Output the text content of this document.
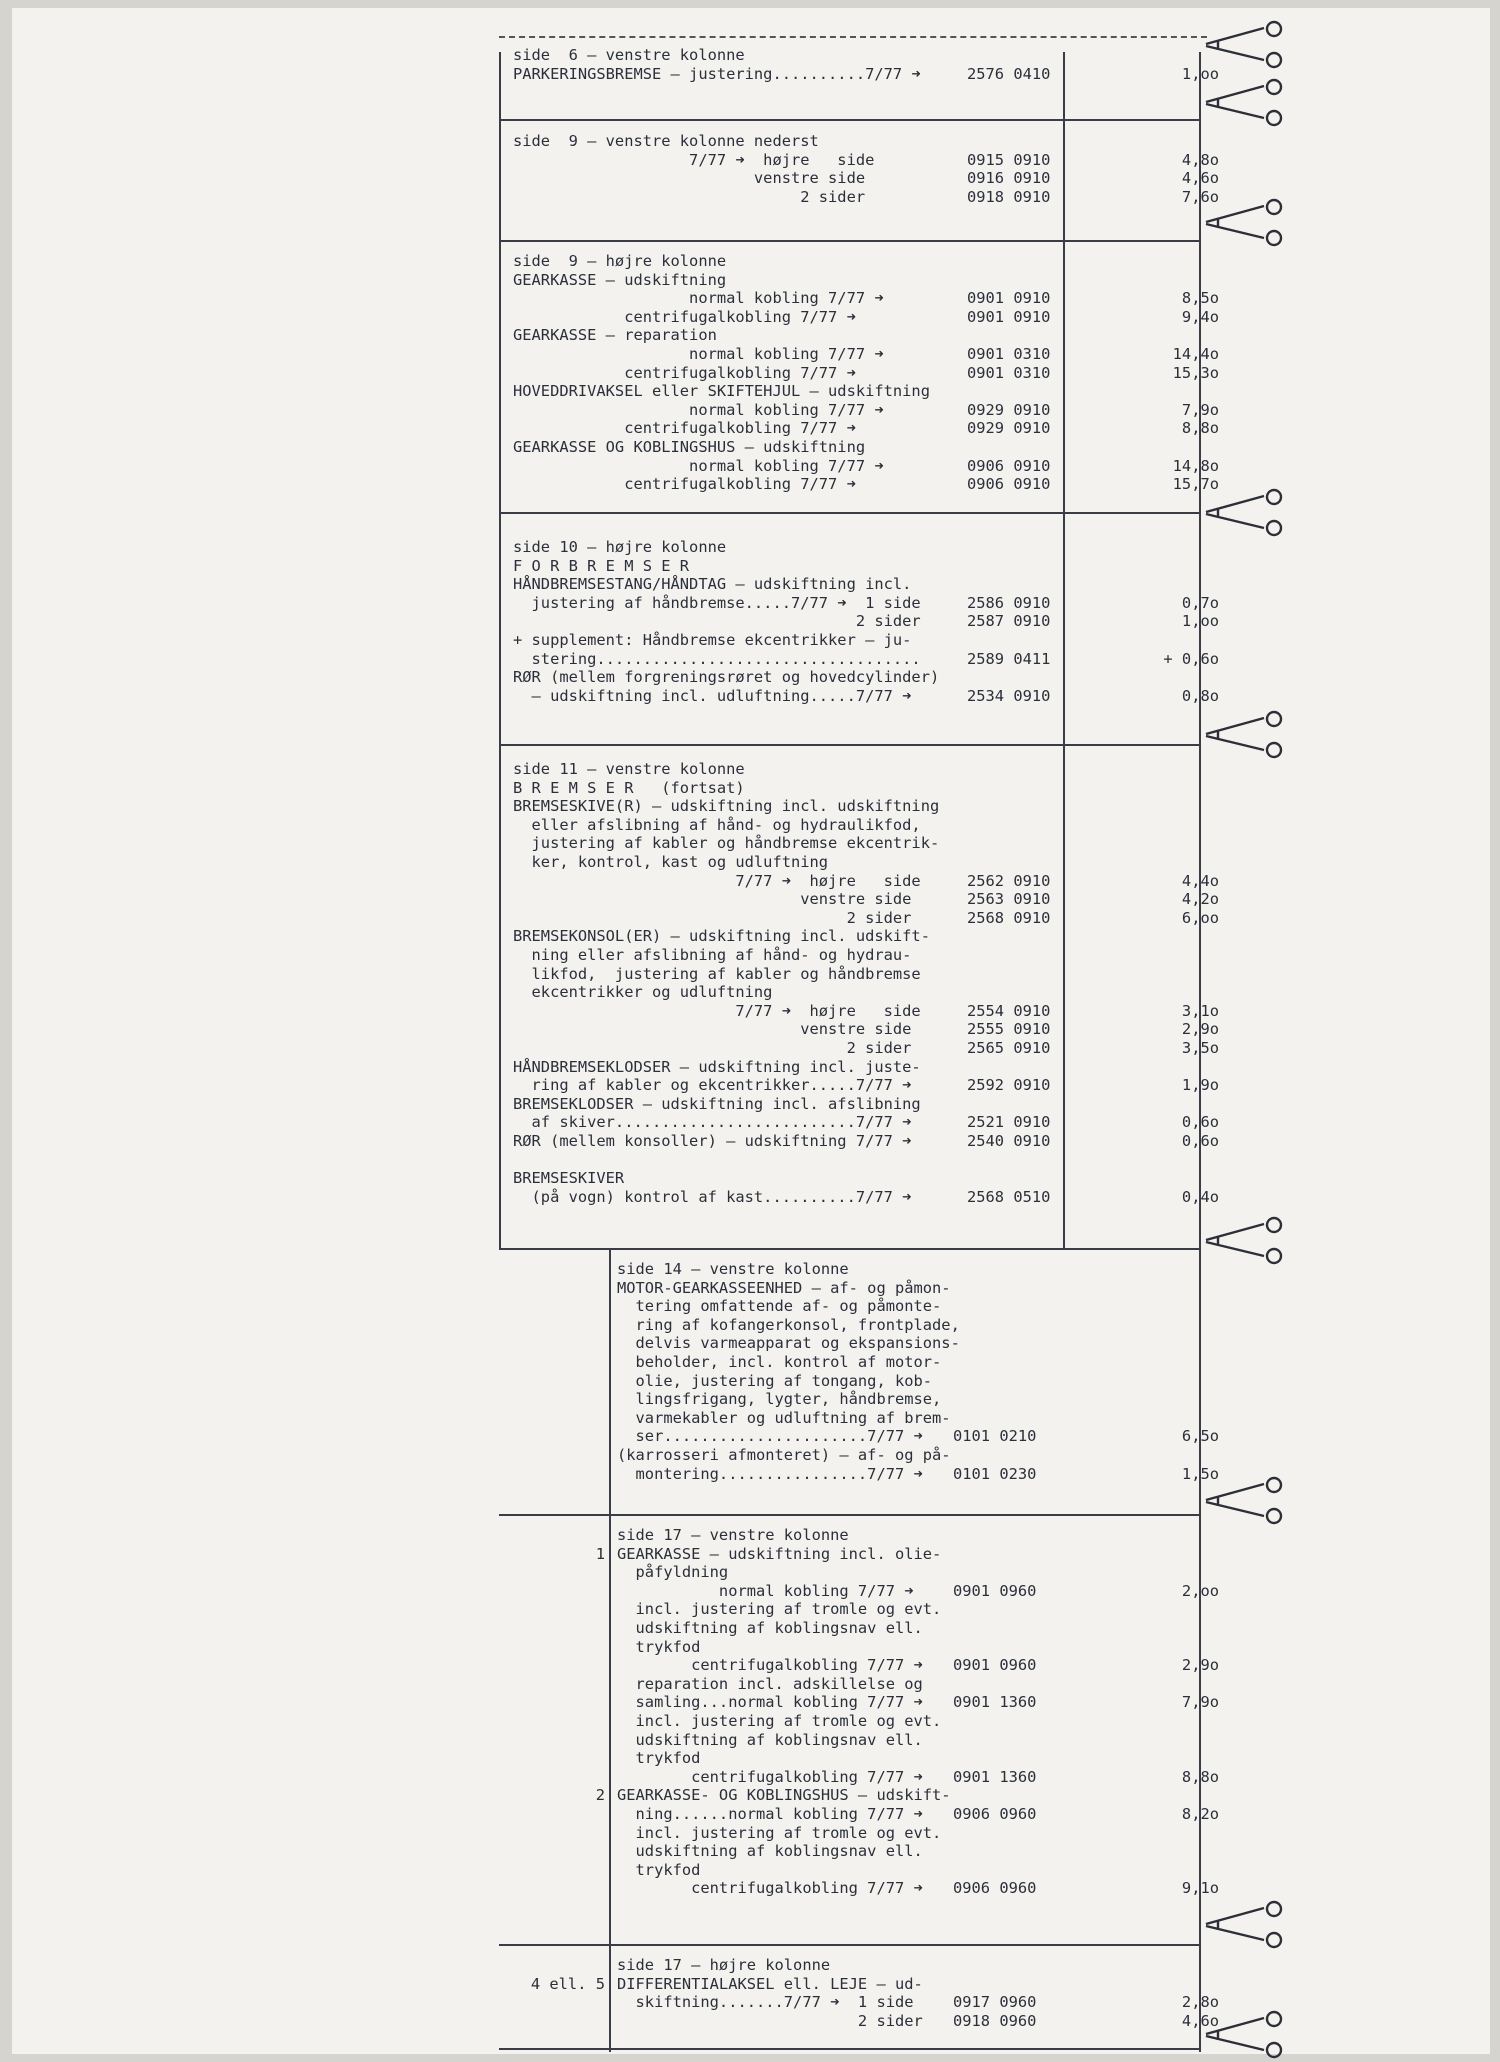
side  6 – venstre kolonne
PARKERINGSBREMSE – justering..........7/77 ➜	2576 0410	1,oo
side  9 – venstre kolonne nederst
7/77 ➜  højre   side	0915 0910	4,8o
venstre side	0916 0910	4,6o
2 sider	0918 0910	7,6o
side  9 – højre kolonne
GEARKASSE – udskiftning
normal kobling 7/77 ➜	0901 0910	8,5o
centrifugalkobling 7/77 ➜	0901 0910	9,4o
GEARKASSE – reparation
normal kobling 7/77 ➜	0901 0310	14,4o
centrifugalkobling 7/77 ➜	0901 0310	15,3o
HOVEDDRIVAKSEL eller SKIFTEHJUL – udskiftning
normal kobling 7/77 ➜	0929 0910	7,9o
centrifugalkobling 7/77 ➜	0929 0910	8,8o
GEARKASSE OG KOBLINGSHUS – udskiftning
normal kobling 7/77 ➜	0906 0910	14,8o
centrifugalkobling 7/77 ➜	0906 0910	15,7o
side 10 – højre kolonne
F O R B R E M S E R
HÅNDBREMSESTANG/HÅNDTAG – udskiftning incl.
justering af håndbremse.....7/77 ➜  1 side	2586 0910	0,7o
2 sider	2587 0910	1,oo
+ supplement: Håndbremse ekcentrikker – ju-
stering...................................	2589 0411	+ 0,6o
RØR (mellem forgreningsrøret og hovedcylinder)
– udskiftning incl. udluftning.....7/77 ➜	2534 0910	0,8o
side 11 – venstre kolonne
B R E M S E R   (fortsat)
BREMSESKIVE(R) – udskiftning incl. udskiftning
eller afslibning af hånd- og hydraulikfod,
justering af kabler og håndbremse ekcentrik-
ker, kontrol, kast og udluftning
7/77 ➜  højre   side	2562 0910	4,4o
venstre side	2563 0910	4,2o
2 sider	2568 0910	6,oo
BREMSEKONSOL(ER) – udskiftning incl. udskift-
ning eller afslibning af hånd- og hydrau-
likfod,  justering af kabler og håndbremse
ekcentrikker og udluftning
7/77 ➜  højre   side	2554 0910	3,1o
venstre side	2555 0910	2,9o
2 sider	2565 0910	3,5o
HÅNDBREMSEKLODSER – udskiftning incl. juste-
ring af kabler og ekcentrikker.....7/77 ➜	2592 0910	1,9o
BREMSEKLODSER – udskiftning incl. afslibning
af skiver..........................7/77 ➜	2521 0910	0,6o
RØR (mellem konsoller) – udskiftning 7/77 ➜	2540 0910	0,6o
BREMSESKIVER
(på vogn) kontrol af kast..........7/77 ➜	2568 0510	0,4o
side 14 – venstre kolonne
MOTOR-GEARKASSEENHED – af- og påmon-
tering omfattende af- og påmonte-
ring af kofangerkonsol, frontplade,
delvis varmeapparat og ekspansions-
beholder, incl. kontrol af motor-
olie, justering af tongang, kob-
lingsfrigang, lygter, håndbremse,
varmekabler og udluftning af brem-
ser......................7/77 ➜ 0101 0210	6,5o
(karrosseri afmonteret) – af- og på-
montering................7/77 ➜ 0101 0230	1,5o
side 17 – venstre kolonne
1 GEARKASSE – udskiftning incl. olie-
påfyldning
normal kobling 7/77 ➜	0901 0960	2,oo
incl. justering af tromle og evt.
udskiftning af koblingsnav ell.
trykfod
centrifugalkobling 7/77 ➜ 0901 0960	2,9o
reparation incl. adskillelse og
samling...normal kobling 7/77 ➜ 0901 1360	7,9o
incl. justering af tromle og evt.
udskiftning af koblingsnav ell.
trykfod
centrifugalkobling 7/77 ➜ 0901 1360	8,8o
2 GEARKASSE- OG KOBLINGSHUS – udskift-
ning......normal kobling 7/77 ➜ 0906 0960	8,2o
incl. justering af tromle og evt.
udskiftning af koblingsnav ell.
trykfod
centrifugalkobling 7/77 ➜ 0906 0960	9,1o
side 17 – højre kolonne
4 ell. 5 DIFFERENTIALAKSEL ell. LEJE – ud-
skiftning.......7/77 ➜  1 side	0917 0960	2,8o
2 sider 0918 0960	4,6o
